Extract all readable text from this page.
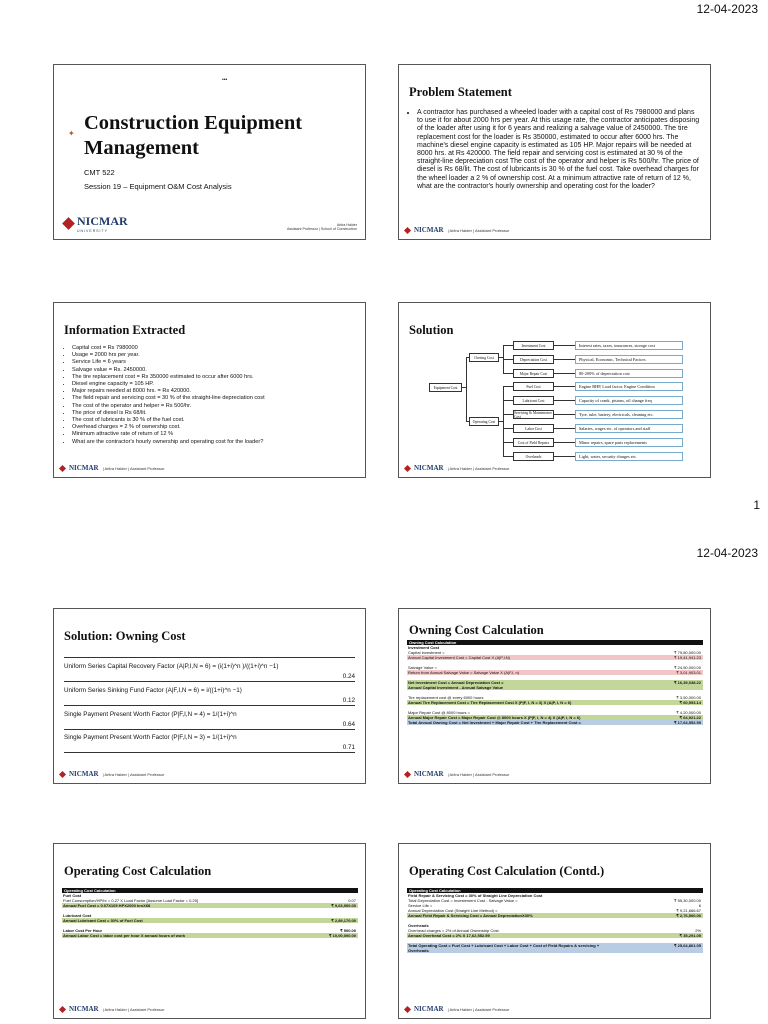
12-04-2023
•••
✦ Construction Equipment
Management
CMT 522
Session 19 – Equipment O&M Cost Analysis
NICMAR
UNIVERSITY
Aritra Halder
Assistant Professor | School of Construction
Problem Statement
• A contractor has purchased a wheeled loader with a capital cost of Rs 7980000 and plans to use it for about 2000 hrs per year. At this usage rate, the contractor anticipates disposing of the loader after using it for 6 years and realizing a salvage value of 2450000. The tire replacement cost for the loader is Rs 350000, estimated to occur after 6000 hrs. The machine's diesel engine capacity is estimated as 105 HP. Major repairs will be needed at 8000 hrs. at Rs 420000. The field repair and servicing cost is estimated at 30 % of the straight-line depreciation cost The cost of the operator and helper is Rs 500/hr. The price of diesel is Rs 68/lit. The cost of lubricants is 30 % of the fuel cost. Take overhead charges for the wheel loader a 2 % of ownership cost. At a minimum attractive rate of return of 12 %, what are the contractor's hourly ownership and operating cost for the loader?
NICMAR | Aritra Halder | Assistant Professor
Information Extracted
• Capital cost = Rs 7980000
• Usage = 2000 hrs per year.
• Service Life = 6 years
• Salvage value = Rs. 2450000.
• The tire replacement cost = Rs 350000 estimated to occur after 6000 hrs.
• Diesel engine capacity = 105 HP.
• Major repairs needed at 8000 hrs. = Rs 420000.
• The field repair and servicing cost = 30 % of the straight-line depreciation cost
• The cost of the operator and helper = Rs 500/hr.
• The price of diesel is Rs 68/lit.
• The cost of lubricants is 30 % of the fuel cost.
• Overhead charges = 2 % of ownership cost.
• Minimum attractive rate of return of 12 %
• What are the contractor's hourly ownership and operating cost for the loader?
NICMAR | Aritra Halder | Assistant Professor
Solution
Equipment Cost
Owning Cost
Operating Cost
Investment Cost
Depreciation Cost
Major Repair Cost
Fuel Cost
Lubricant Cost
Servicing & Maintenance Cost
Labor Cost
Cost of Field Repairs
Overheads
Interest rates, taxes, insurances, storage cost
Physical, Economic, Technical Factors
80-200% of depreciation cost
Engine BHP, Load factor, Engine Condition
Capacity of crank, pistons, oil change freq
Tyre, tube, battery, electricals, cleaning etc.
Salaries, wages etc. of operators and staff
Minor repairs, spare parts replacements
Light, water, security charges etc.
NICMAR | Aritra Halder | Assistant Professor
1
12-04-2023
Solution: Owning Cost
Uniform Series Capital Recovery Factor (A|P,I,N = 6) = (i(1+i)^n )/((1+i)^n −1)
0.24
Uniform Series Sinking Fund Factor (A|F,I,N = 6) = i/((1+i)^n −1)
0.12
Single Payment Present Worth Factor (P|F,I,N = 4) = 1/(1+i)^n
0.64
Single Payment Present Worth Factor (P|F,I,N = 3) = 1/(1+i)^n
0.71
NICMAR | Aritra Halder | Assistant Professor
Owning Cost Calculation
Owning Cost Calculation
Investment Cost
Capital Investment =	₹ 79,80,000.00
Annual Capital Investment Cost = Capital Cost X (A|P,I,N)	₹ 19,41,941.23
Salvage Value =	₹ 24,50,000.00
Return from Annual Salvage Value = Salvage Value X (A|F,I, n)	₹ 3,01,903.01
Net Investment Cost = Annual Depreciation Cost =	₹ 16,39,038.22
Annual Capital Investment - Annual Salvage Value
Tire replacement cost @ every 6000 hours	₹ 3,50,000.00
Annual Tire Replacement Cost = Tire Replacement Cost X (P|F, I, N = 3) X (A|P, I, N = 6)	₹ 60,593.14
Major Repair Cost @ 8000 hours =	₹ 4,20,000.00
Annual Major Repair Cost = Major Repair Cost @ 8000 hours X (P|F, I, N = 4) X (A|P, I, N = 6)	₹ 64,921.22
Total Annual Owning Cost = Net Investment + Major Repair Cost + Tire Replacement Cost =	₹ 17,64,552.59
NICMAR | Aritra Halder | Assistant Professor
Operating Cost Calculation
Operating Cost Calculation
Fuel Cost
Fuel Consumption/HP/hr = 0.27 X Load Factor [Assume Load Factor = 0.25]	0.07
Annual Fuel Cost = 0.07X105 HPX2000 hrsX68	₹ 9,63,900.00
Lubricant Cost
Annual Lubricant Cost = 30% of Fuel Cost	₹ 2,89,170.00
Labor Cost Per Hour	₹ 500.00
Annual Labor Cost = labor cost per hour X annual hours of work	₹ 10,00,000.00
NICMAR | Aritra Halder | Assistant Professor
Operating Cost Calculation (Contd.)
Operating Cost Calculation
Field Repair & Servicing Cost = 30% of Straight Line Depreciation Cost
Total Depreciation Cost = Investement Cost - Salvage Value =	₹ 55,30,000.00
Service Life =	6
Annual Depreciation Cost (Straight Line Method) =	₹ 9,21,666.67
Annual Field Repair & Servicing Cost = Annual DepreciationX30%	₹ 2,76,500.00
Overheads
Overhead charges = 2% of Annual Ownership Cost	2%
Annual Overhead Cost = 2% X 17,62,552.59	₹ 35,291.05
Total Operating Cost = Fuel Cost + Lubricant Cost + Labor Cost + Cost of Field Repairs & servicing +	₹ 25,64,861.05
Overheads
NICMAR | Aritra Halder | Assistant Professor
